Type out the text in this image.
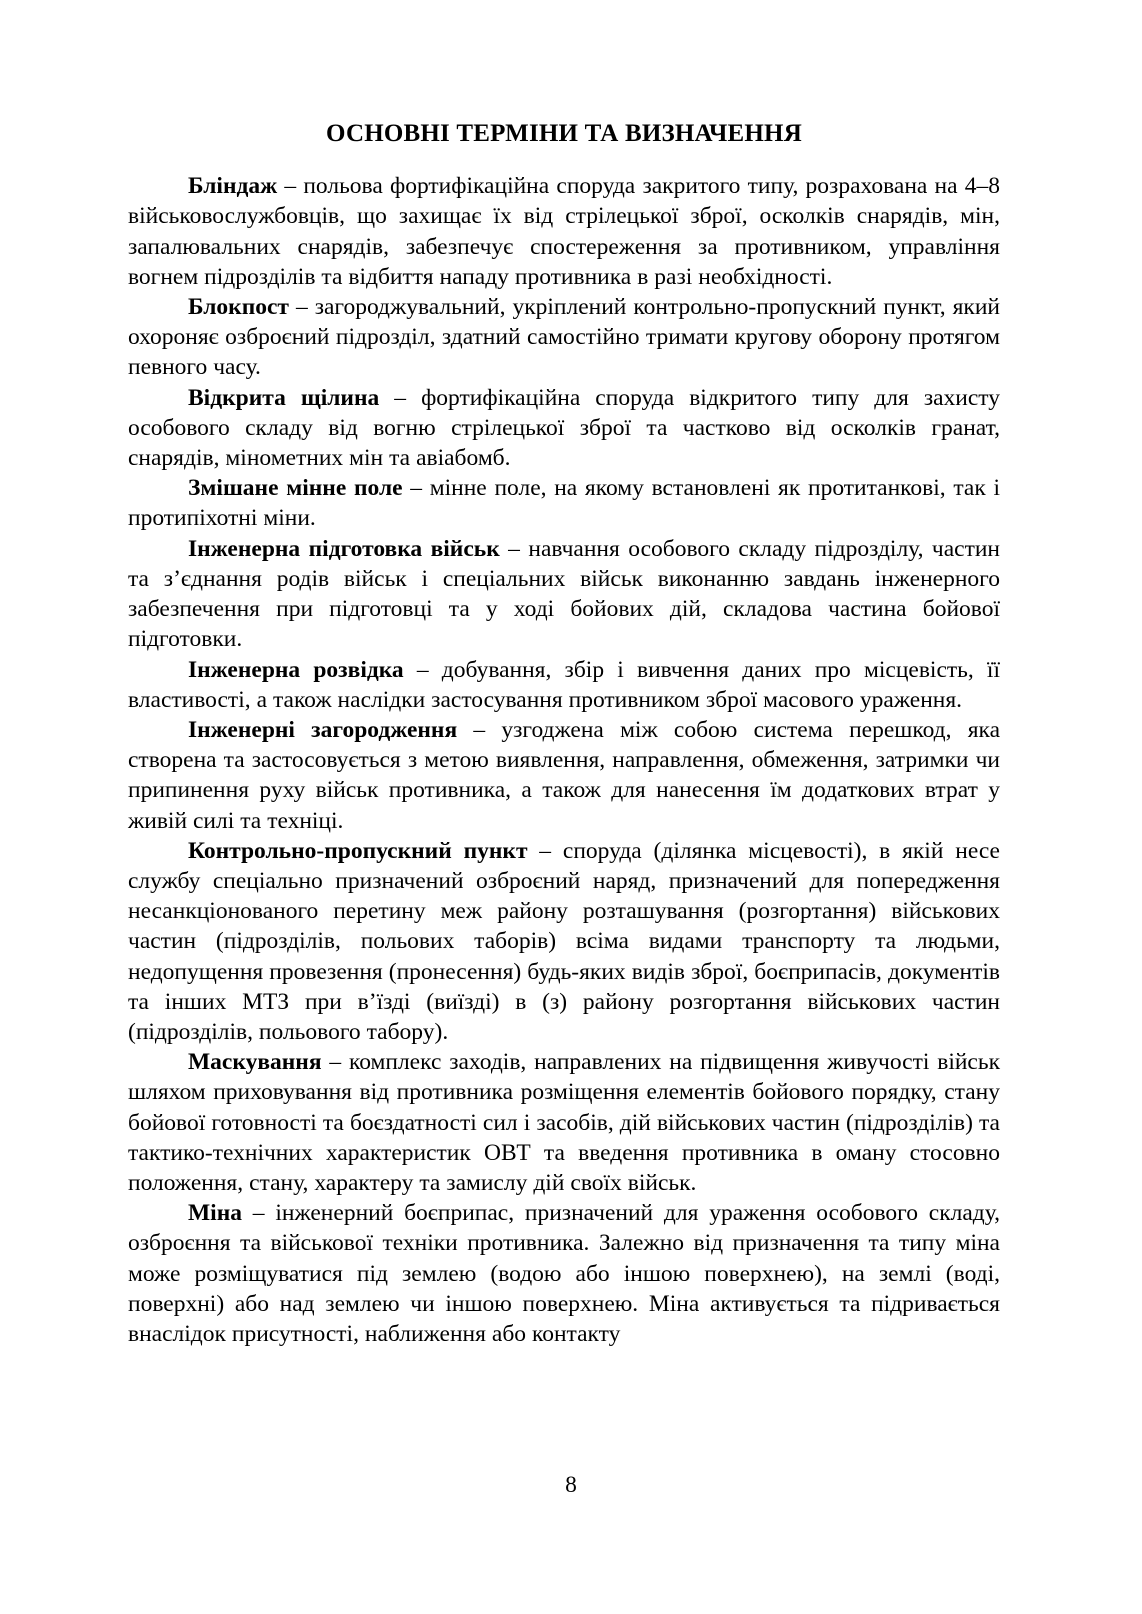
ОСНОВНІ ТЕРМІНИ ТА ВИЗНАЧЕННЯ

Бліндаж – польова фортифікаційна споруда закритого типу, розрахована на 4–8 військовослужбовців, що захищає їх від стрілецької зброї, осколків снарядів, мін, запалювальних снарядів, забезпечує спостереження за противником, управління вогнем підрозділів та відбиття нападу противника в разі необхідності.

Блокпост – загороджувальний, укріплений контрольно-пропускний пункт, який охороняє озброєний підрозділ, здатний самостійно тримати кругову оборону протягом певного часу.

Відкрита щілина – фортифікаційна споруда відкритого типу для захисту особового складу від вогню стрілецької зброї та частково від осколків гранат, снарядів, мінометних мін та авіабомб.

Змішане мінне поле – мінне поле, на якому встановлені як протитанкові, так і протипіхотні міни.

Інженерна підготовка військ – навчання особового складу підрозділу, частин та з’єднання родів військ і спеціальних військ виконанню завдань інженерного забезпечення при підготовці та у ході бойових дій, складова частина бойової підготовки.

Інженерна розвідка – добування, збір і вивчення даних про місцевість, її властивості, а також наслідки застосування противником зброї масового ураження.

Інженерні загородження – узгоджена між собою система перешкод, яка створена та застосовується з метою виявлення, направлення, обмеження, затримки чи припинення руху військ противника, а також для нанесення їм додаткових втрат у живій силі та техніці.

Контрольно-пропускний пункт – споруда (ділянка місцевості), в якій несе службу спеціально призначений озброєний наряд, призначений для попередження несанкціонованого перетину меж району розташування (розгортання) військових частин (підрозділів, польових таборів) всіма видами транспорту та людьми, недопущення провезення (пронесення) будь-яких видів зброї, боєприпасів, документів та інших МТЗ при в’їзді (виїзді) в (з) району розгортання військових частин (підрозділів, польового табору).

Маскування – комплекс заходів, направлених на підвищення живучості військ шляхом приховування від противника розміщення елементів бойового порядку, стану бойової готовності та боєздатності сил і засобів, дій військових частин (підрозділів) та тактико-технічних характеристик ОВТ та введення противника в оману стосовно положення, стану, характеру та замислу дій своїх військ.

Міна – інженерний боєприпас, призначений для ураження особового складу, озброєння та військової техніки противника. Залежно від призначення та типу міна може розміщуватися під землею (водою або іншою поверхнею), на землі (воді, поверхні) або над землею чи іншою поверхнею. Міна активується та підривається внаслідок присутності, наближення або контакту

8
